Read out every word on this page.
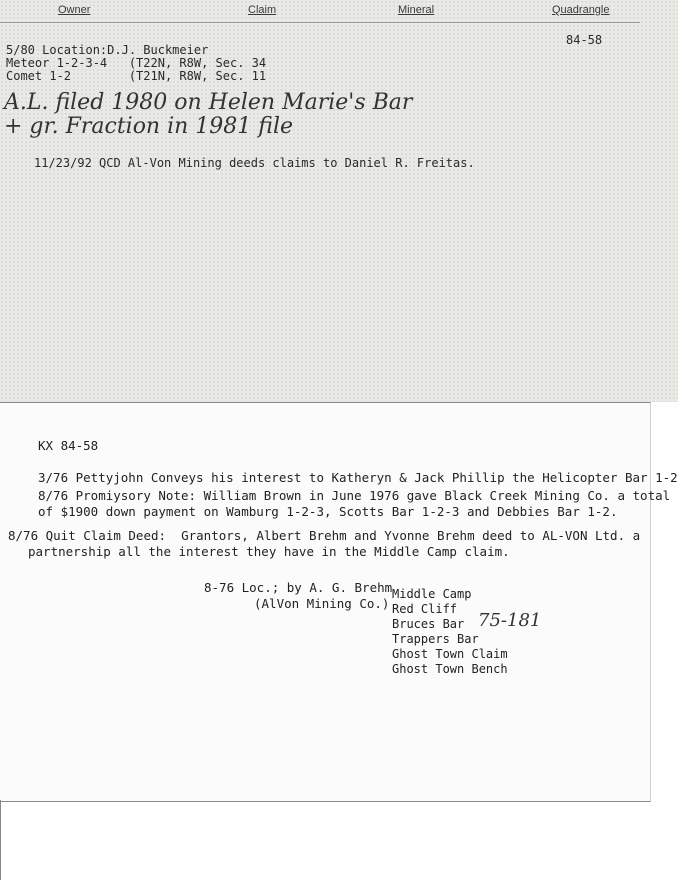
Owner	Claim	Mineral	Quadrangle
84-58
5/80 Location:D.J. Buckmeier
Meteor 1-2-3-4   (T22N, R8W, Sec. 34
Comet 1-2        (T21N, R8W, Sec. 11
A.L. filed 1980 on Helen Marie's Bar
+ gr. Fraction in 1981 file
11/23/92 QCD Al-Von Mining deeds claims to Daniel R. Freitas.
KX 84-58
3/76 Pettyjohn Conveys his interest to Katheryn & Jack Phillip the Helicopter Bar 1-2
8/76 Promiysory Note: William Brown in June 1976 gave Black Creek Mining Co. a total
of $1900 down payment on Wamburg 1-2-3, Scotts Bar 1-2-3 and Debbies Bar 1-2.
8/76 Quit Claim Deed:  Grantors, Albert Brehm and Yvonne Brehm deed to AL-VON Ltd. a
partnership all the interest they have in the Middle Camp claim.
8-76 Loc.; by A. G. Brehm
(AlVon Mining Co.)
Middle Camp
Red Cliff
Bruces Bar 75-181
Trappers Bar
Ghost Town Claim
Ghost Town Bench
